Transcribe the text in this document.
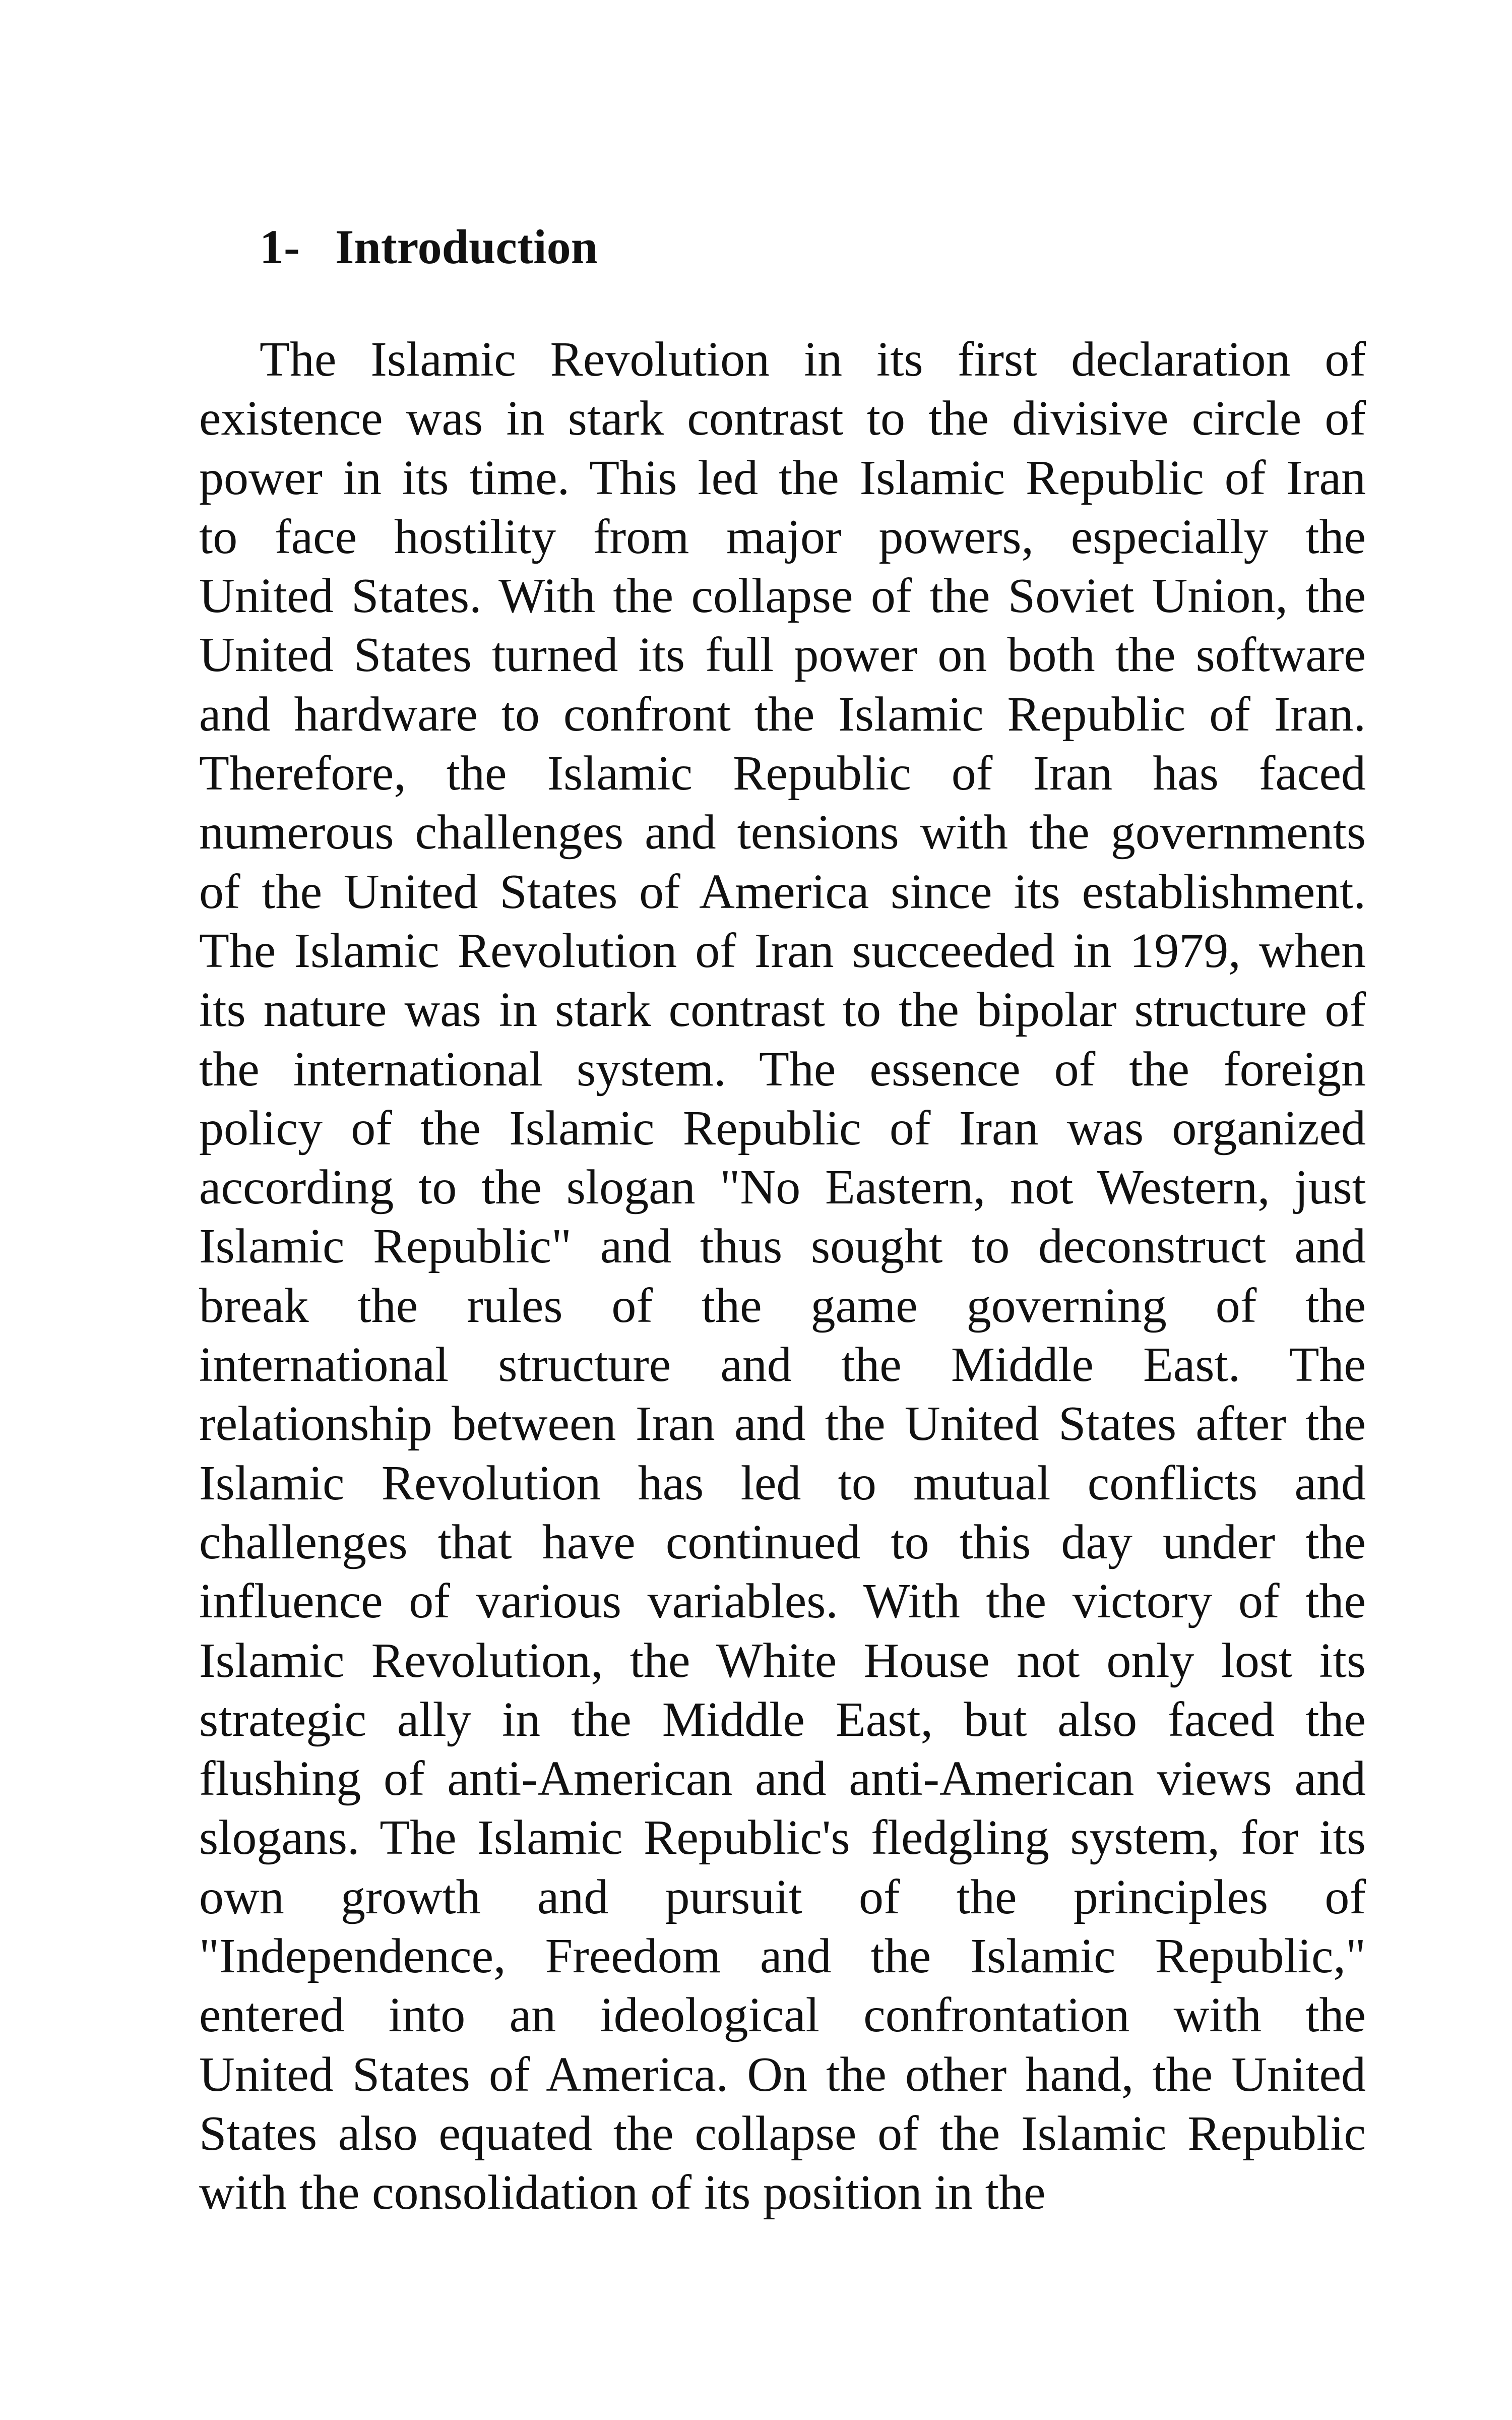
1- Introduction
The Islamic Revolution in its first declaration of
existence was in stark contrast to the divisive circle of
power in its time. This led the Islamic Republic of Iran
to face hostility from major powers, especially the
United States. With the collapse of the Soviet Union, the
United States turned its full power on both the software
and hardware to confront the Islamic Republic of Iran.
Therefore, the Islamic Republic of Iran has faced
numerous challenges and tensions with the governments
of the United States of America since its establishment.
The Islamic Revolution of Iran succeeded in 1979, when
its nature was in stark contrast to the bipolar structure of
the international system. The essence of the foreign
policy of the Islamic Republic of Iran was organized
according to the slogan "No Eastern, not Western, just
Islamic Republic" and thus sought to deconstruct and
break the rules of the game governing of the
international structure and the Middle East. The
relationship between Iran and the United States after the
Islamic Revolution has led to mutual conflicts and
challenges that have continued to this day under the
influence of various variables. With the victory of the
Islamic Revolution, the White House not only lost its
strategic ally in the Middle East, but also faced the
flushing of anti-American and anti-American views and
slogans. The Islamic Republic's fledgling system, for its
own growth and pursuit of the principles of
"Independence, Freedom and the Islamic Republic,"
entered into an ideological confrontation with the
United States of America. On the other hand, the United
States also equated the collapse of the Islamic Republic
with the consolidation of its position in the
